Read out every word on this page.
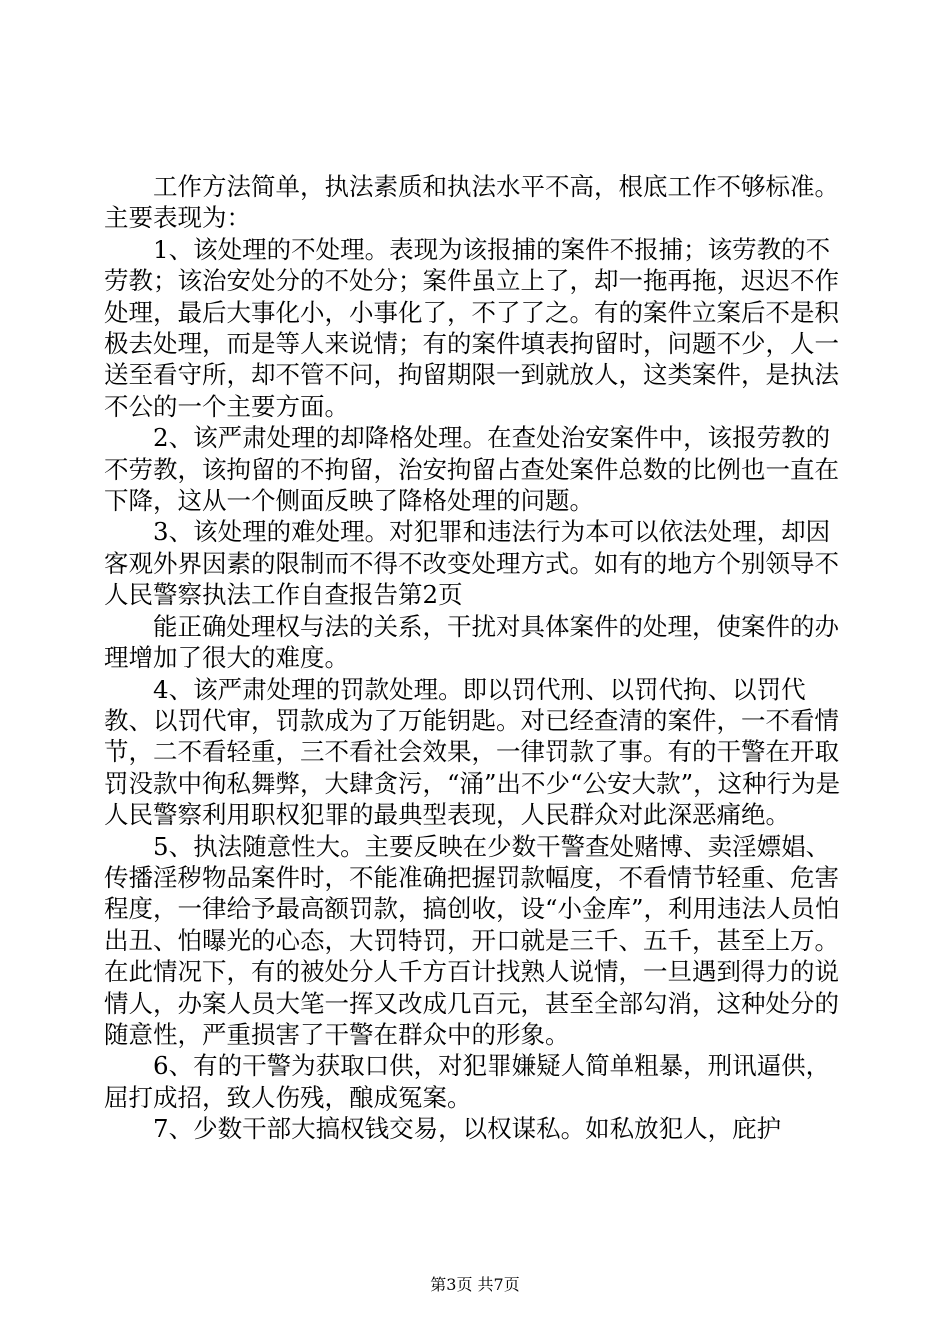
工作方法简单，执法素质和执法水平不高，根底工作不够标准。主要表现为：

1、该处理的不处理。表现为该报捕的案件不报捕；该劳教的不劳教；该治安处分的不处分；案件虽立上了，却一拖再拖，迟迟不作处理，最后大事化小，小事化了，不了了之。有的案件立案后不是积极去处理，而是等人来说情；有的案件填表拘留时，问题不少，人一送至看守所，却不管不问，拘留期限一到就放人，这类案件，是执法不公的一个主要方面。

2、该严肃处理的却降格处理。在查处治安案件中，该报劳教的不劳教，该拘留的不拘留，治安拘留占查处案件总数的比例也一直在下降，这从一个侧面反映了降格处理的问题。

3、该处理的难处理。对犯罪和违法行为本可以依法处理，却因客观外界因素的限制而不得不改变处理方式。如有的地方个别领导不人民警察执法工作自查报告第2页

能正确处理权与法的关系，干扰对具体案件的处理，使案件的办理增加了很大的难度。

4、该严肃处理的罚款处理。即以罚代刑、以罚代拘、以罚代教、以罚代审，罚款成为了万能钥匙。对已经查清的案件，一不看情节，二不看轻重，三不看社会效果，一律罚款了事。有的干警在开取罚没款中徇私舞弊，大肆贪污，“涌”出不少“公安大款”，这种行为是人民警察利用职权犯罪的最典型表现，人民群众对此深恶痛绝。

5、执法随意性大。主要反映在少数干警查处赌博、卖淫嫖娼、传播淫秽物品案件时，不能准确把握罚款幅度，不看情节轻重、危害程度，一律给予最高额罚款，搞创收，设“小金库”，利用违法人员怕出丑、怕曝光的心态，大罚特罚，开口就是三千、五千，甚至上万。在此情况下，有的被处分人千方百计找熟人说情，一旦遇到得力的说情人，办案人员大笔一挥又改成几百元，甚至全部勾消，这种处分的随意性，严重损害了干警在群众中的形象。

6、有的干警为获取口供，对犯罪嫌疑人简单粗暴，刑讯逼供，屈打成招，致人伤残，酿成冤案。

7、少数干部大搞权钱交易，以权谋私。如私放犯人，庇护

第3页 共7页
